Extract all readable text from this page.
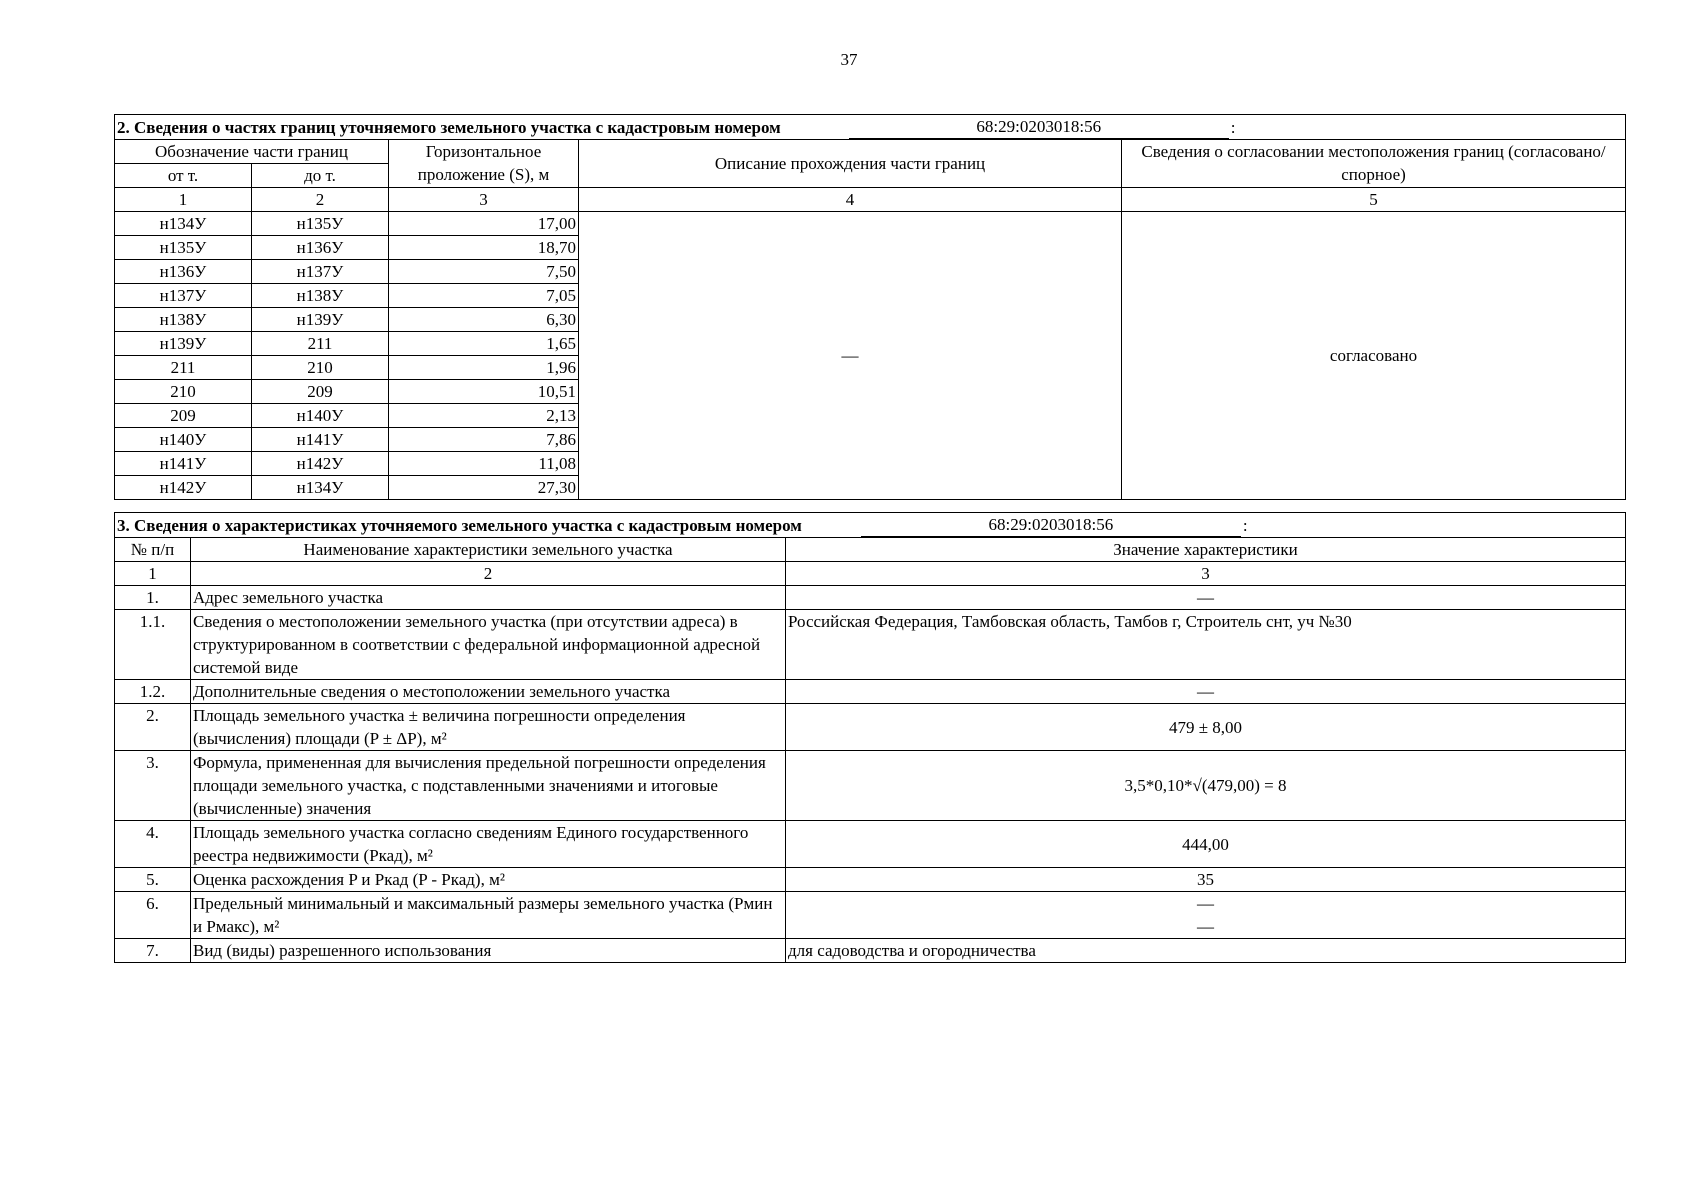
37
2. Сведения о частях границ уточняемого земельного участка с кадастровым номером 68:29:0203018:56 :				

Обозначение части границ		Горизонтальное проложение (S), м	Описание прохождения части границ	Сведения о согласовании местоположения границ (согласовано/спорное)
от т.	до т.			
1	2	3	4	5
н134У	н135У	17,00	—	согласовано
н135У	н136У	18,70		
н136У	н137У	7,50		
н137У	н138У	7,05		
н138У	н139У	6,30		
н139У	211	1,65		
211	210	1,96		
210	209	10,51		
209	н140У	2,13		
н140У	н141У	7,86		
н141У	н142У	11,08		
н142У	н134У	27,30		
3. Сведения о характеристиках уточняемого земельного участка с кадастровым номером 68:29:0203018:56 :		

№ п/п	Наименование характеристики земельного участка	Значение характеристики
1	2	3
1.	Адрес земельного участка	—
1.1.	Сведения о местоположении земельного участка (при отсутствии адреса) в структурированном в соответствии с федеральной информационной адресной системой виде	Российская Федерация, Тамбовская область, Тамбов г, Строитель снт, уч №30
1.2.	Дополнительные сведения о местоположении земельного участка	—
2.	Площадь земельного участка ± величина погрешности определения (вычисления) площади (P ± ΔP), м²	479 ± 8,00
3.	Формула, примененная для вычисления предельной погрешности определения площади земельного участка, с подставленными значениями и итоговые (вычисленные) значения	3,5*0,10*√(479,00) = 8
4.	Площадь земельного участка согласно сведениям Единого государственного реестра недвижимости (Pкад), м²	444,00
5.	Оценка расхождения P и Pкад (P - Pкад), м²	35
6.	Предельный минимальный и максимальный размеры земельного участка (Pмин и Pмакс), м²	—
—

7.	Вид (виды) разрешенного использования	для садоводства и огородничества
